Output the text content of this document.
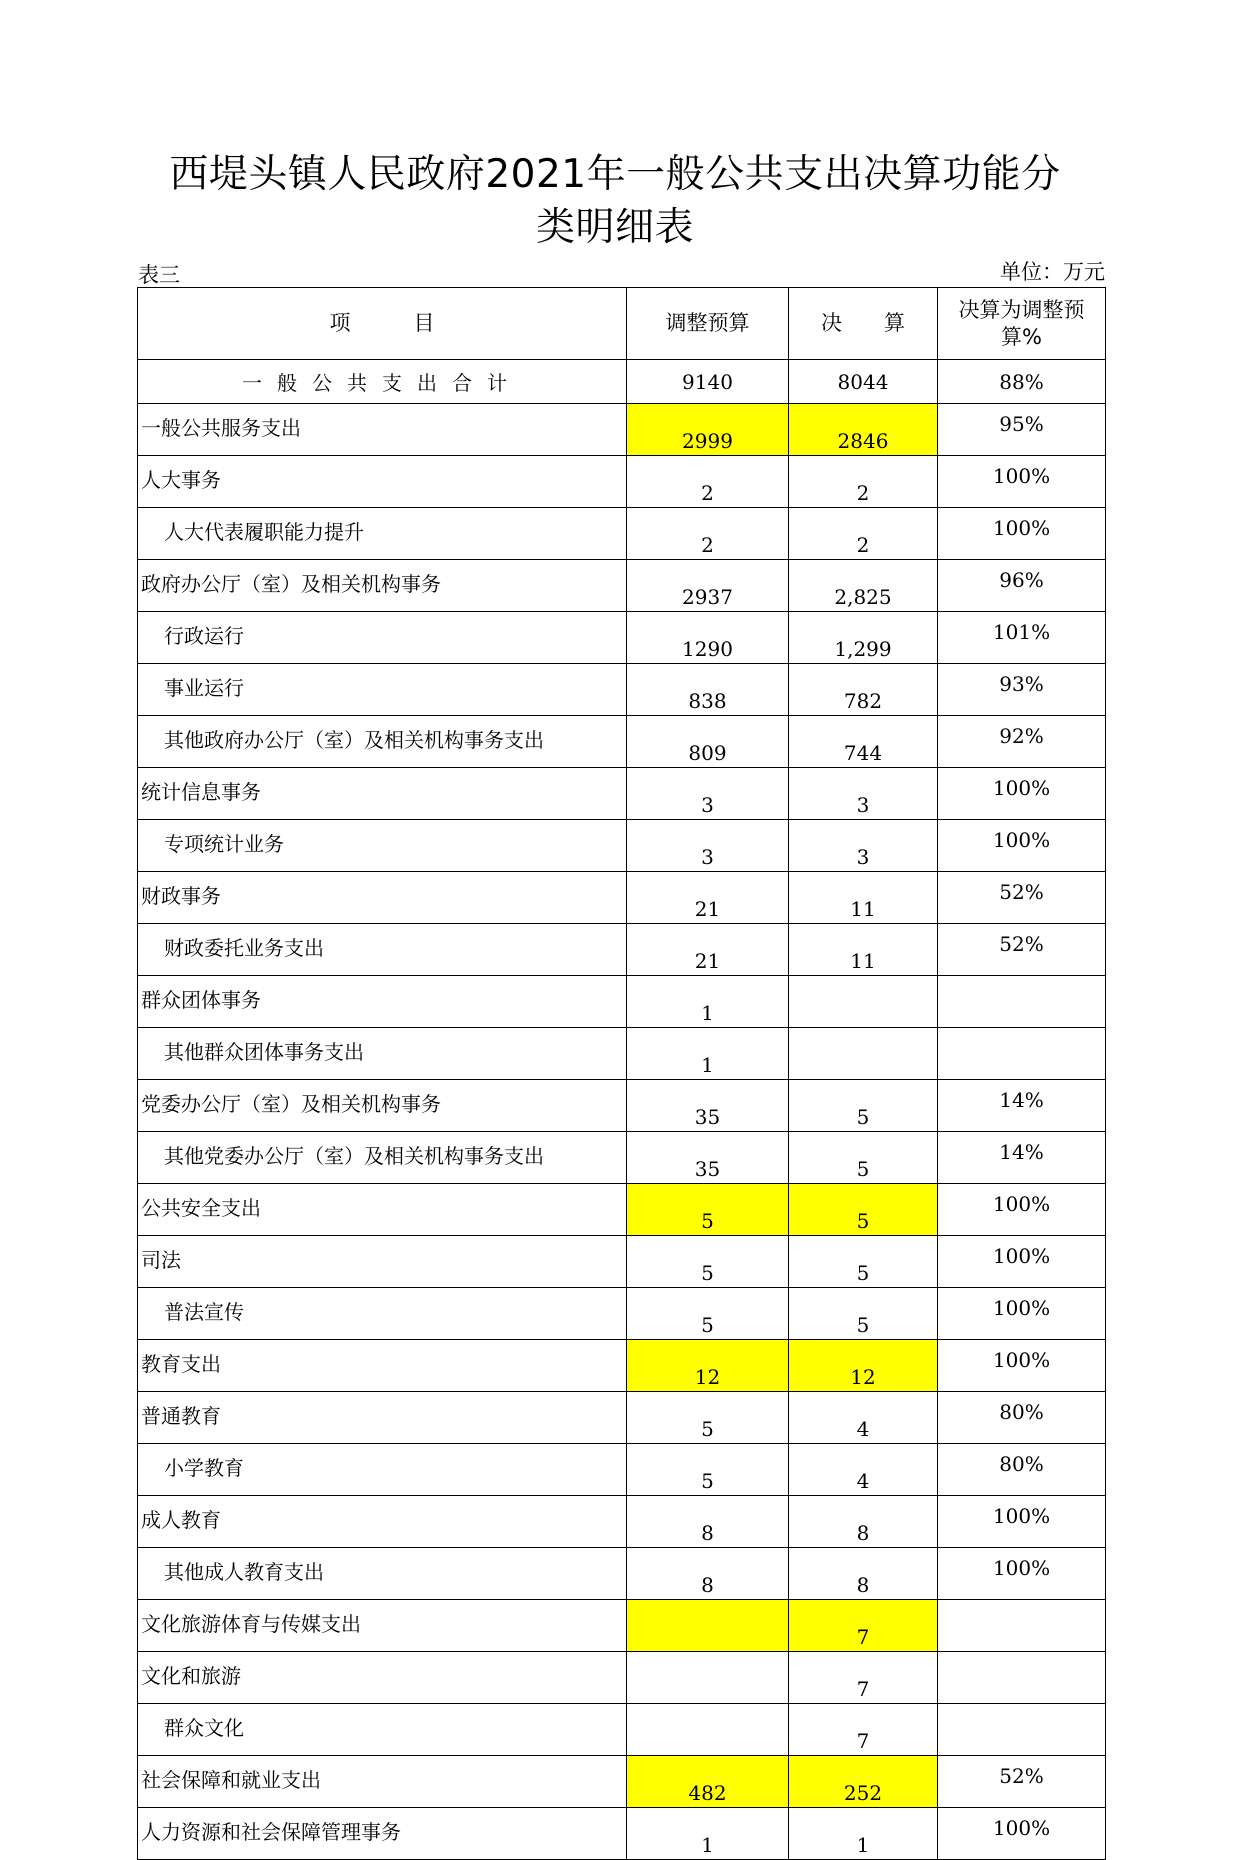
西堤头镇人民政府2021年一般公共支出决算功能分
类明细表
表三	单位：万元
项　　　目	调整预算	决　　算	决算为调整预
算%

一般公共支出合计	9140	8044	88%
一般公共服务支出	2999	2846	95%
人大事务	2	2	100%
人大代表履职能力提升	2	2	100%
政府办公厅（室）及相关机构事务	2937	2,825	96%
行政运行	1290	1,299	101%
事业运行	838	782	93%
其他政府办公厅（室）及相关机构事务支出	809	744	92%
统计信息事务	3	3	100%
专项统计业务	3	3	100%
财政事务	21	11	52%
财政委托业务支出	21	11	52%
群众团体事务	1		
其他群众团体事务支出	1		
党委办公厅（室）及相关机构事务	35	5	14%
其他党委办公厅（室）及相关机构事务支出	35	5	14%
公共安全支出	5	5	100%
司法	5	5	100%
普法宣传	5	5	100%
教育支出	12	12	100%
普通教育	5	4	80%
小学教育	5	4	80%
成人教育	8	8	100%
其他成人教育支出	8	8	100%
文化旅游体育与传媒支出		7	
文化和旅游		7	
群众文化		7	
社会保障和就业支出	482	252	52%
人力资源和社会保障管理事务	1	1	100%
